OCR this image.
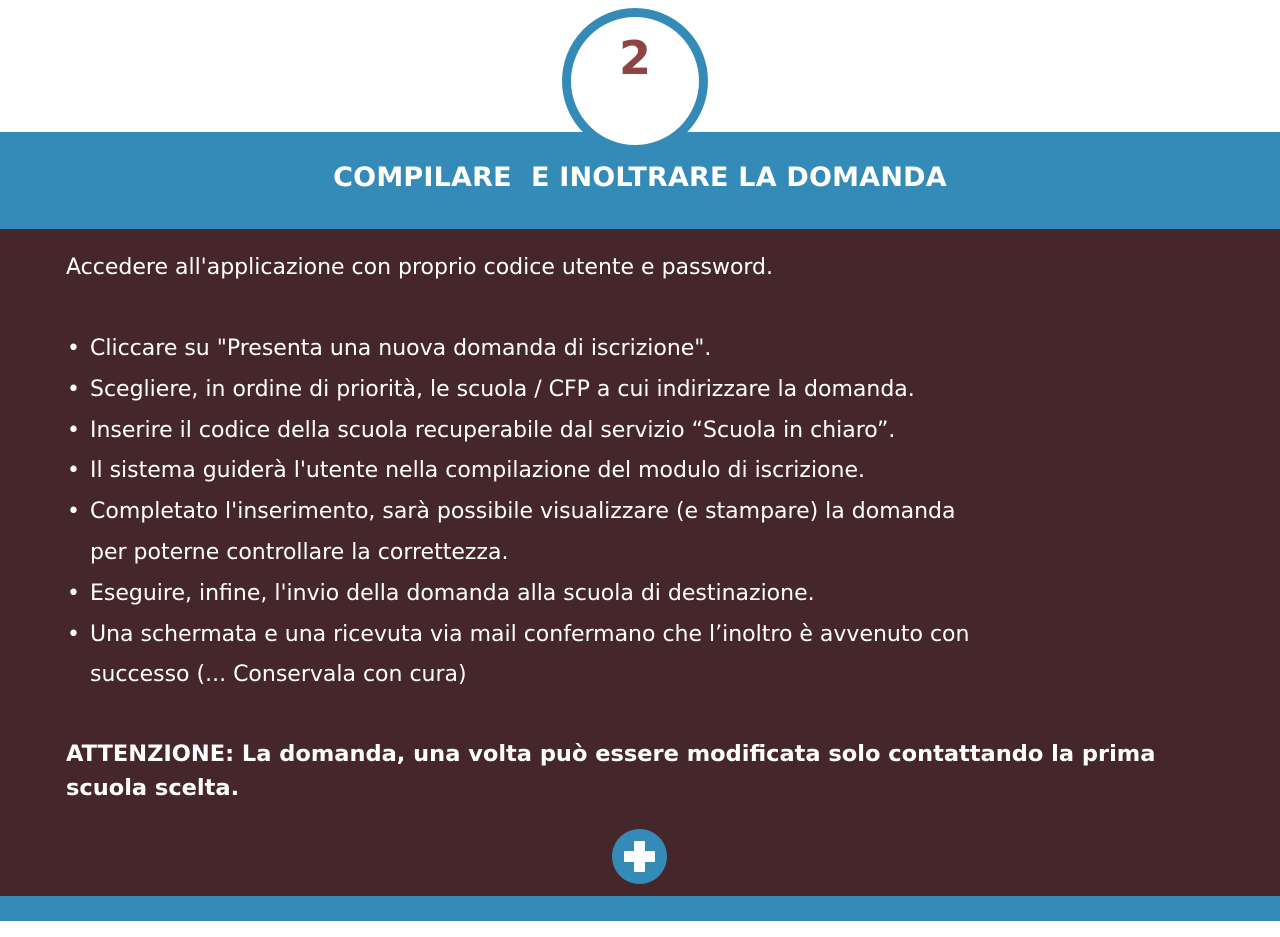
2
COMPILARE  E INOLTRARE LA DOMANDA
Accedere all'applicazione con proprio codice utente e password.
• Cliccare su "Presenta una nuova domanda di iscrizione".
• Scegliere, in ordine di priorità, le scuola / CFP a cui indirizzare la domanda.
• Inserire il codice della scuola recuperabile dal servizio “Scuola in chiaro”.
• Il sistema guiderà l'utente nella compilazione del modulo di iscrizione.
• Completato l'inserimento, sarà possibile visualizzare (e stampare) la domanda
per poterne controllare la correttezza.
• Eseguire, infine, l'invio della domanda alla scuola di destinazione.
• Una schermata e una ricevuta via mail confermano che l’inoltro è avvenuto con
successo (... Conservala con cura)
ATTENZIONE: La domanda, una volta può essere modificata solo contattando la prima scuola scelta.
